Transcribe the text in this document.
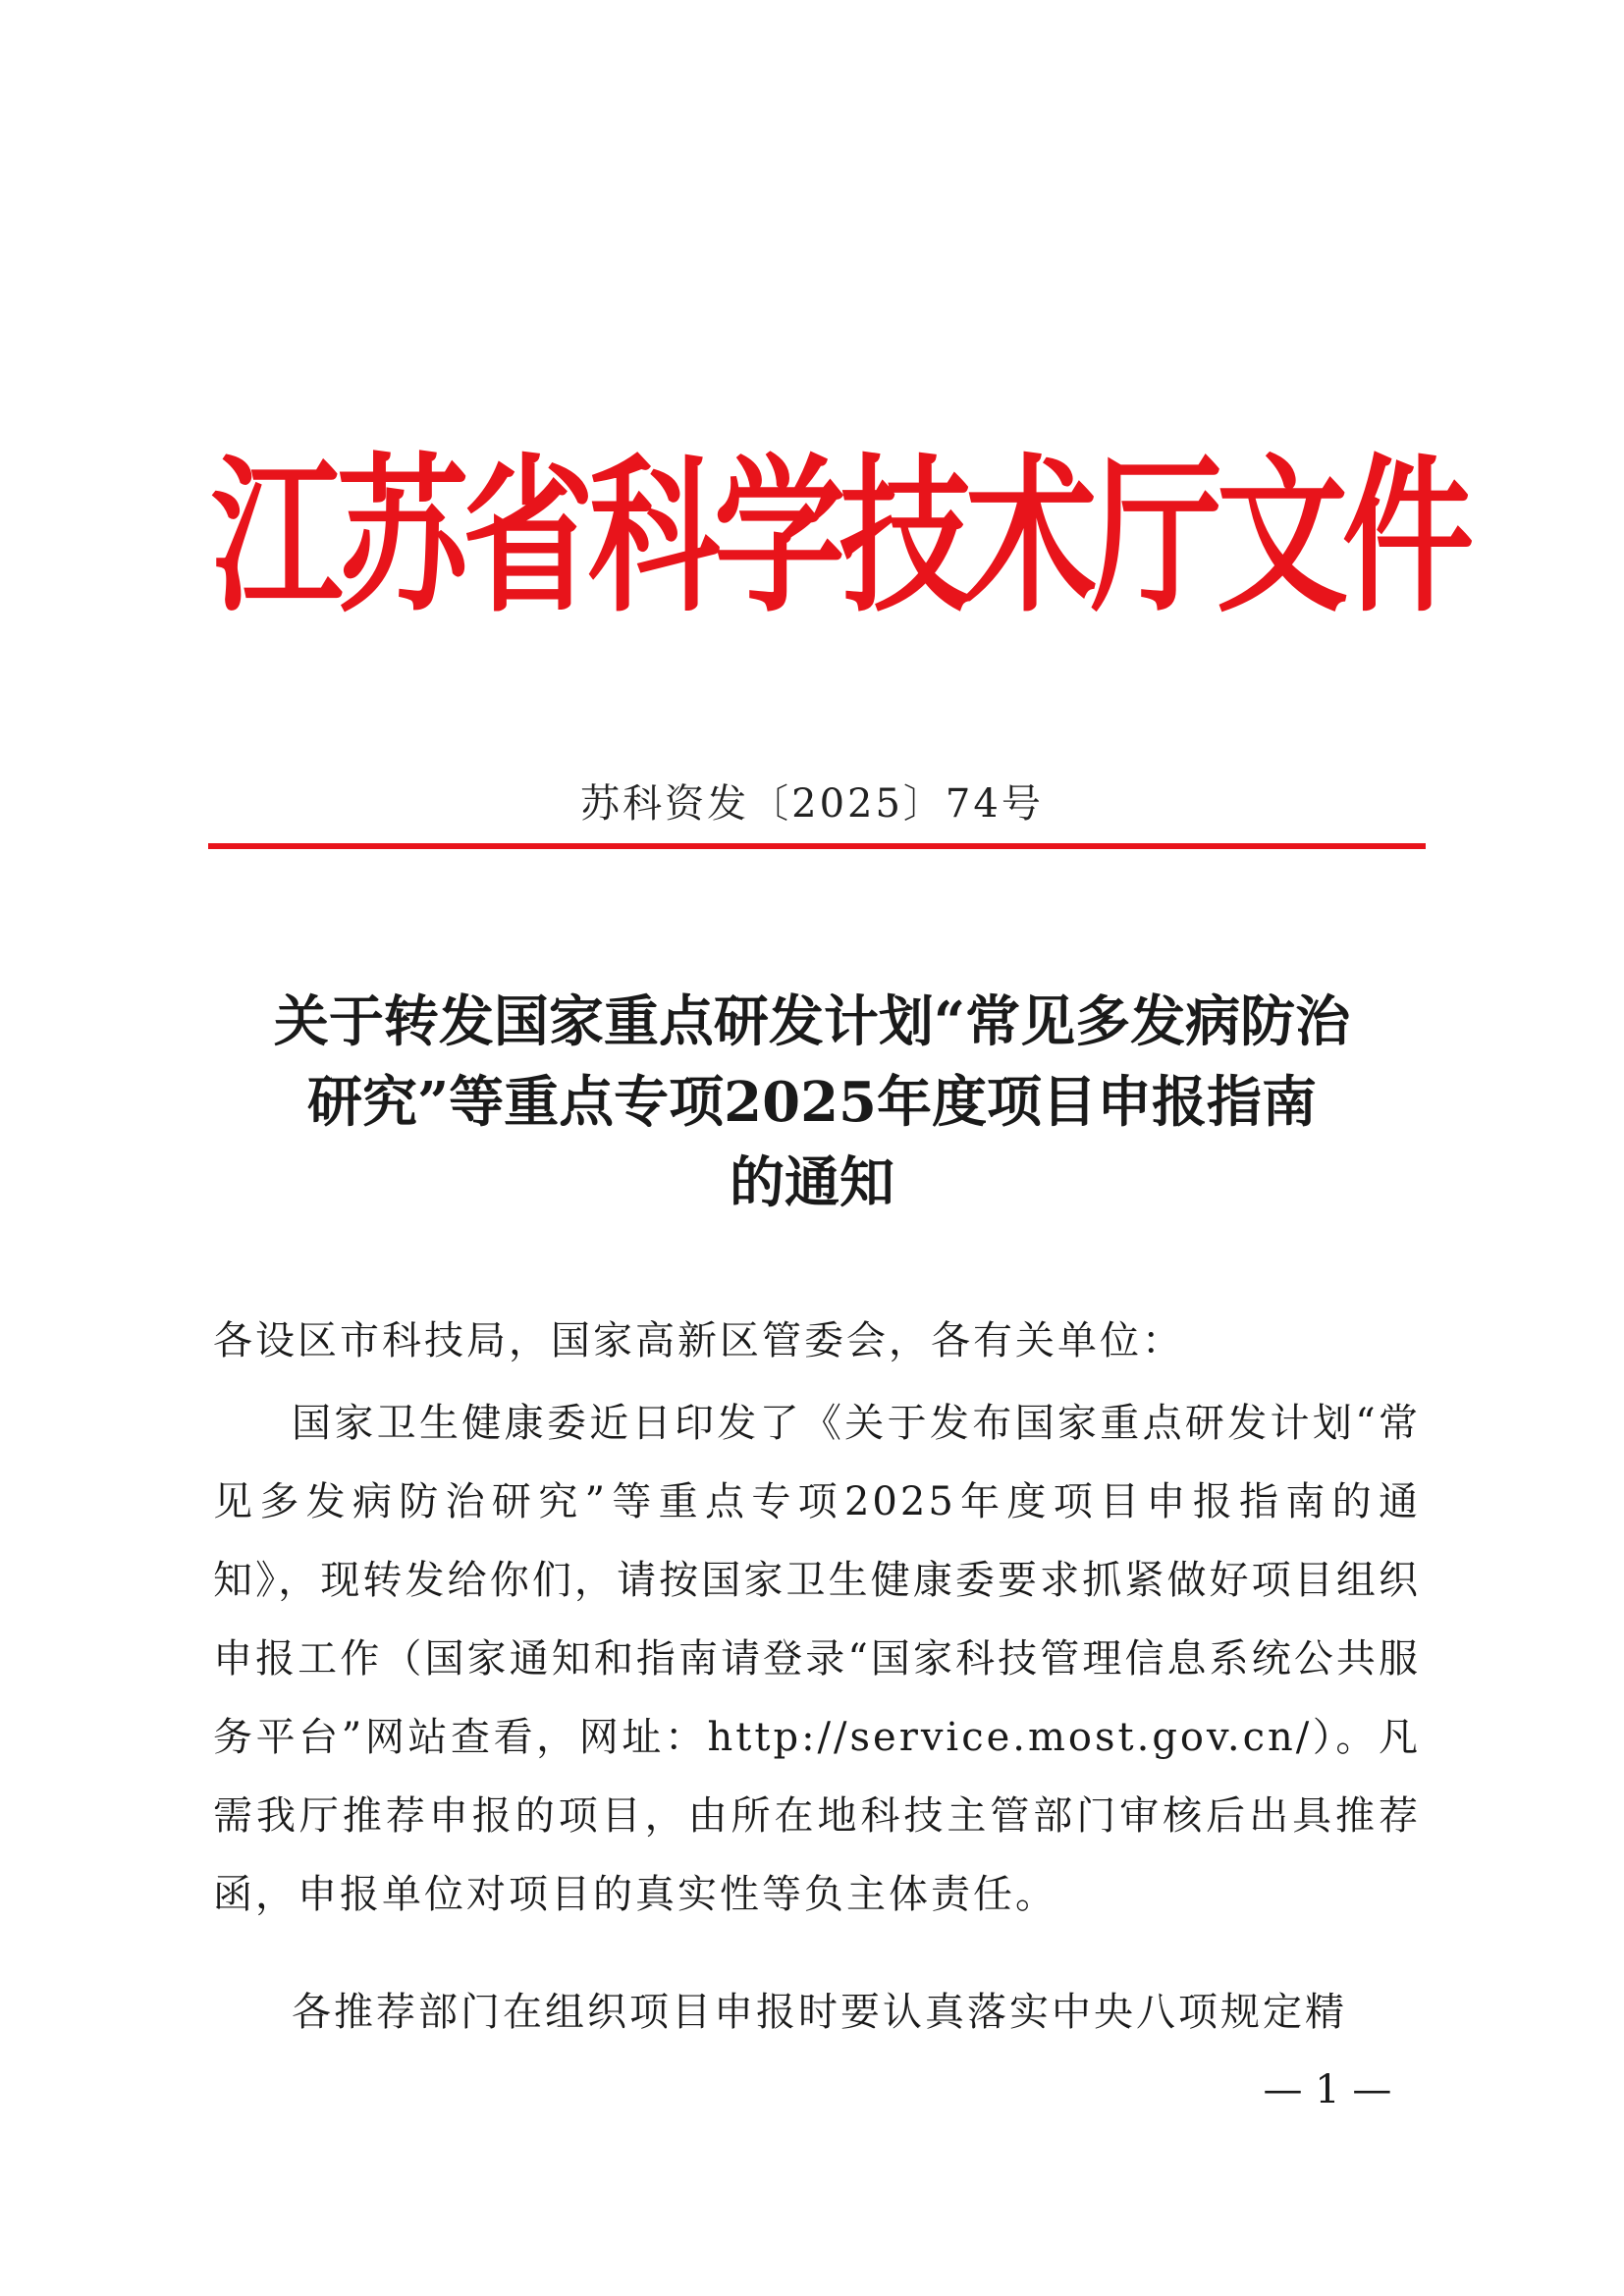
江苏省科学技术厅文件
苏科资发〔2025〕74号
关于转发国家重点研发计划“常见多发病防治
研究”等重点专项2025年度项目申报指南
的通知
各设区市科技局，国家高新区管委会，各有关单位：
国家卫生健康委近日印发了《关于发布国家重点研发计划“常见多发病防治研究”等重点专项2025年度项目申报指南的通知》，现转发给你们，请按国家卫生健康委要求抓紧做好项目组织申报工作（国家通知和指南请登录“国家科技管理信息系统公共服务平台”网站查看，网址：http://service.most.gov.cn/）。凡需我厅推荐申报的项目，由所在地科技主管部门审核后出具推荐函，申报单位对项目的真实性等负主体责任。
各推荐部门在组织项目申报时要认真落实中央八项规定精
— 1 —
